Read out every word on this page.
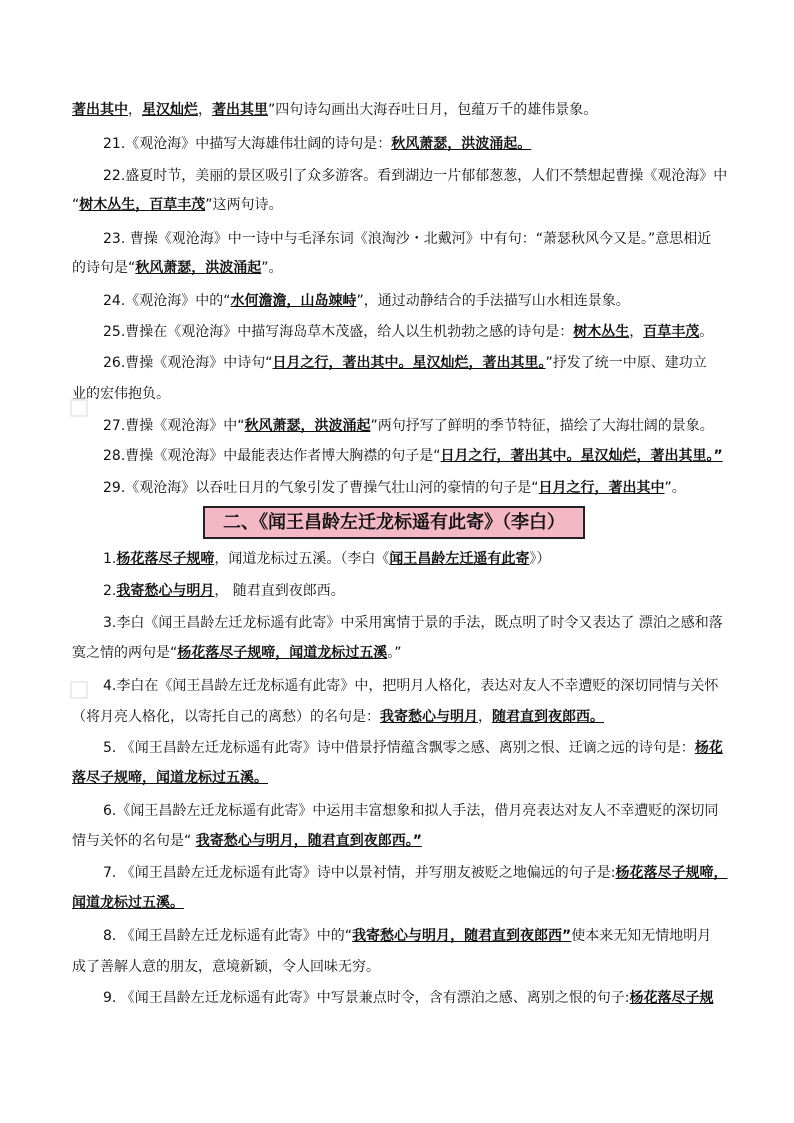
二、《闻王昌龄左迁龙标遥有此寄》（李白）
著出其中，星汉灿烂，著出其里”四句诗勾画出大海吞吐日月，包蕴万千的雄伟景象。
21.《观沧海》中描写大海雄伟壮阔的诗句是：秋风萧瑟，洪波涌起。
22.盛夏时节，美丽的景区吸引了众多游客。看到湖边一片郁郁葱葱，人们不禁想起曹操《观沧海》中
“树木丛生，百草丰茂”这两句诗。
23. 曹操《观沧海》中一诗中与毛泽东词《浪淘沙・北戴河》中有句：“萧瑟秋风今又是。”意思相近
的诗句是“秋风萧瑟，洪波涌起”。
24.《观沧海》中的“水何澹澹，山岛竦峙”，通过动静结合的手法描写山水相连景象。
25.曹操在《观沧海》中描写海岛草木茂盛，给人以生机勃勃之感的诗句是：树木丛生，百草丰茂。
26.曹操《观沧海》中诗句“日月之行，著出其中。星汉灿烂，著出其里。”抒发了统一中原、建功立
业的宏伟抱负。
27.曹操《观沧海》中“秋风萧瑟，洪波涌起”两句抒写了鲜明的季节特征，描绘了大海壮阔的景象。
28.曹操《观沧海》中最能表达作者博大胸襟的句子是“日月之行，著出其中。星汉灿烂，著出其里。”
29.《观沧海》以吞吐日月的气象引发了曹操气壮山河的豪情的句子是“日月之行，著出其中”。
1.杨花落尽子规啼，闻道龙标过五溪。（李白《闻王昌龄左迁遥有此寄》）
2.我寄愁心与明月， 随君直到夜郎西。
3.李白《闻王昌龄左迁龙标遥有此寄》中采用寓情于景的手法，既点明了时令又表达了 漂泊之感和落
寞之情的两句是“杨花落尽子规啼，闻道龙标过五溪。”
4.李白在《闻王昌龄左迁龙标遥有此寄》中，把明月人格化，表达对友人不幸遭贬的深切同情与关怀
（将月亮人格化，以寄托自己的离愁）的名句是：我寄愁心与明月，随君直到夜郎西。
5. 《闻王昌龄左迁龙标遥有此寄》诗中借景抒情蕴含飘零之感、离别之恨、迁谪之远的诗句是：杨花
落尽子规啼，闻道龙标过五溪。
6.《闻王昌龄左迁龙标遥有此寄》中运用丰富想象和拟人手法，借月亮表达对友人不幸遭贬的深切同
情与关怀的名句是“ 我寄愁心与明月，随君直到夜郎西。”
7. 《闻王昌龄左迁龙标遥有此寄》诗中以景衬情，并写朋友被贬之地偏远的句子是:杨花落尽子规啼，
闻道龙标过五溪。
8. 《闻王昌龄左迁龙标遥有此寄》中的“我寄愁心与明月，随君直到夜郎西”使本来无知无情地明月
成了善解人意的朋友，意境新颖，令人回味无穷。
9. 《闻王昌龄左迁龙标遥有此寄》中写景兼点时令，含有漂泊之感、离别之恨的句子:杨花落尽子规
